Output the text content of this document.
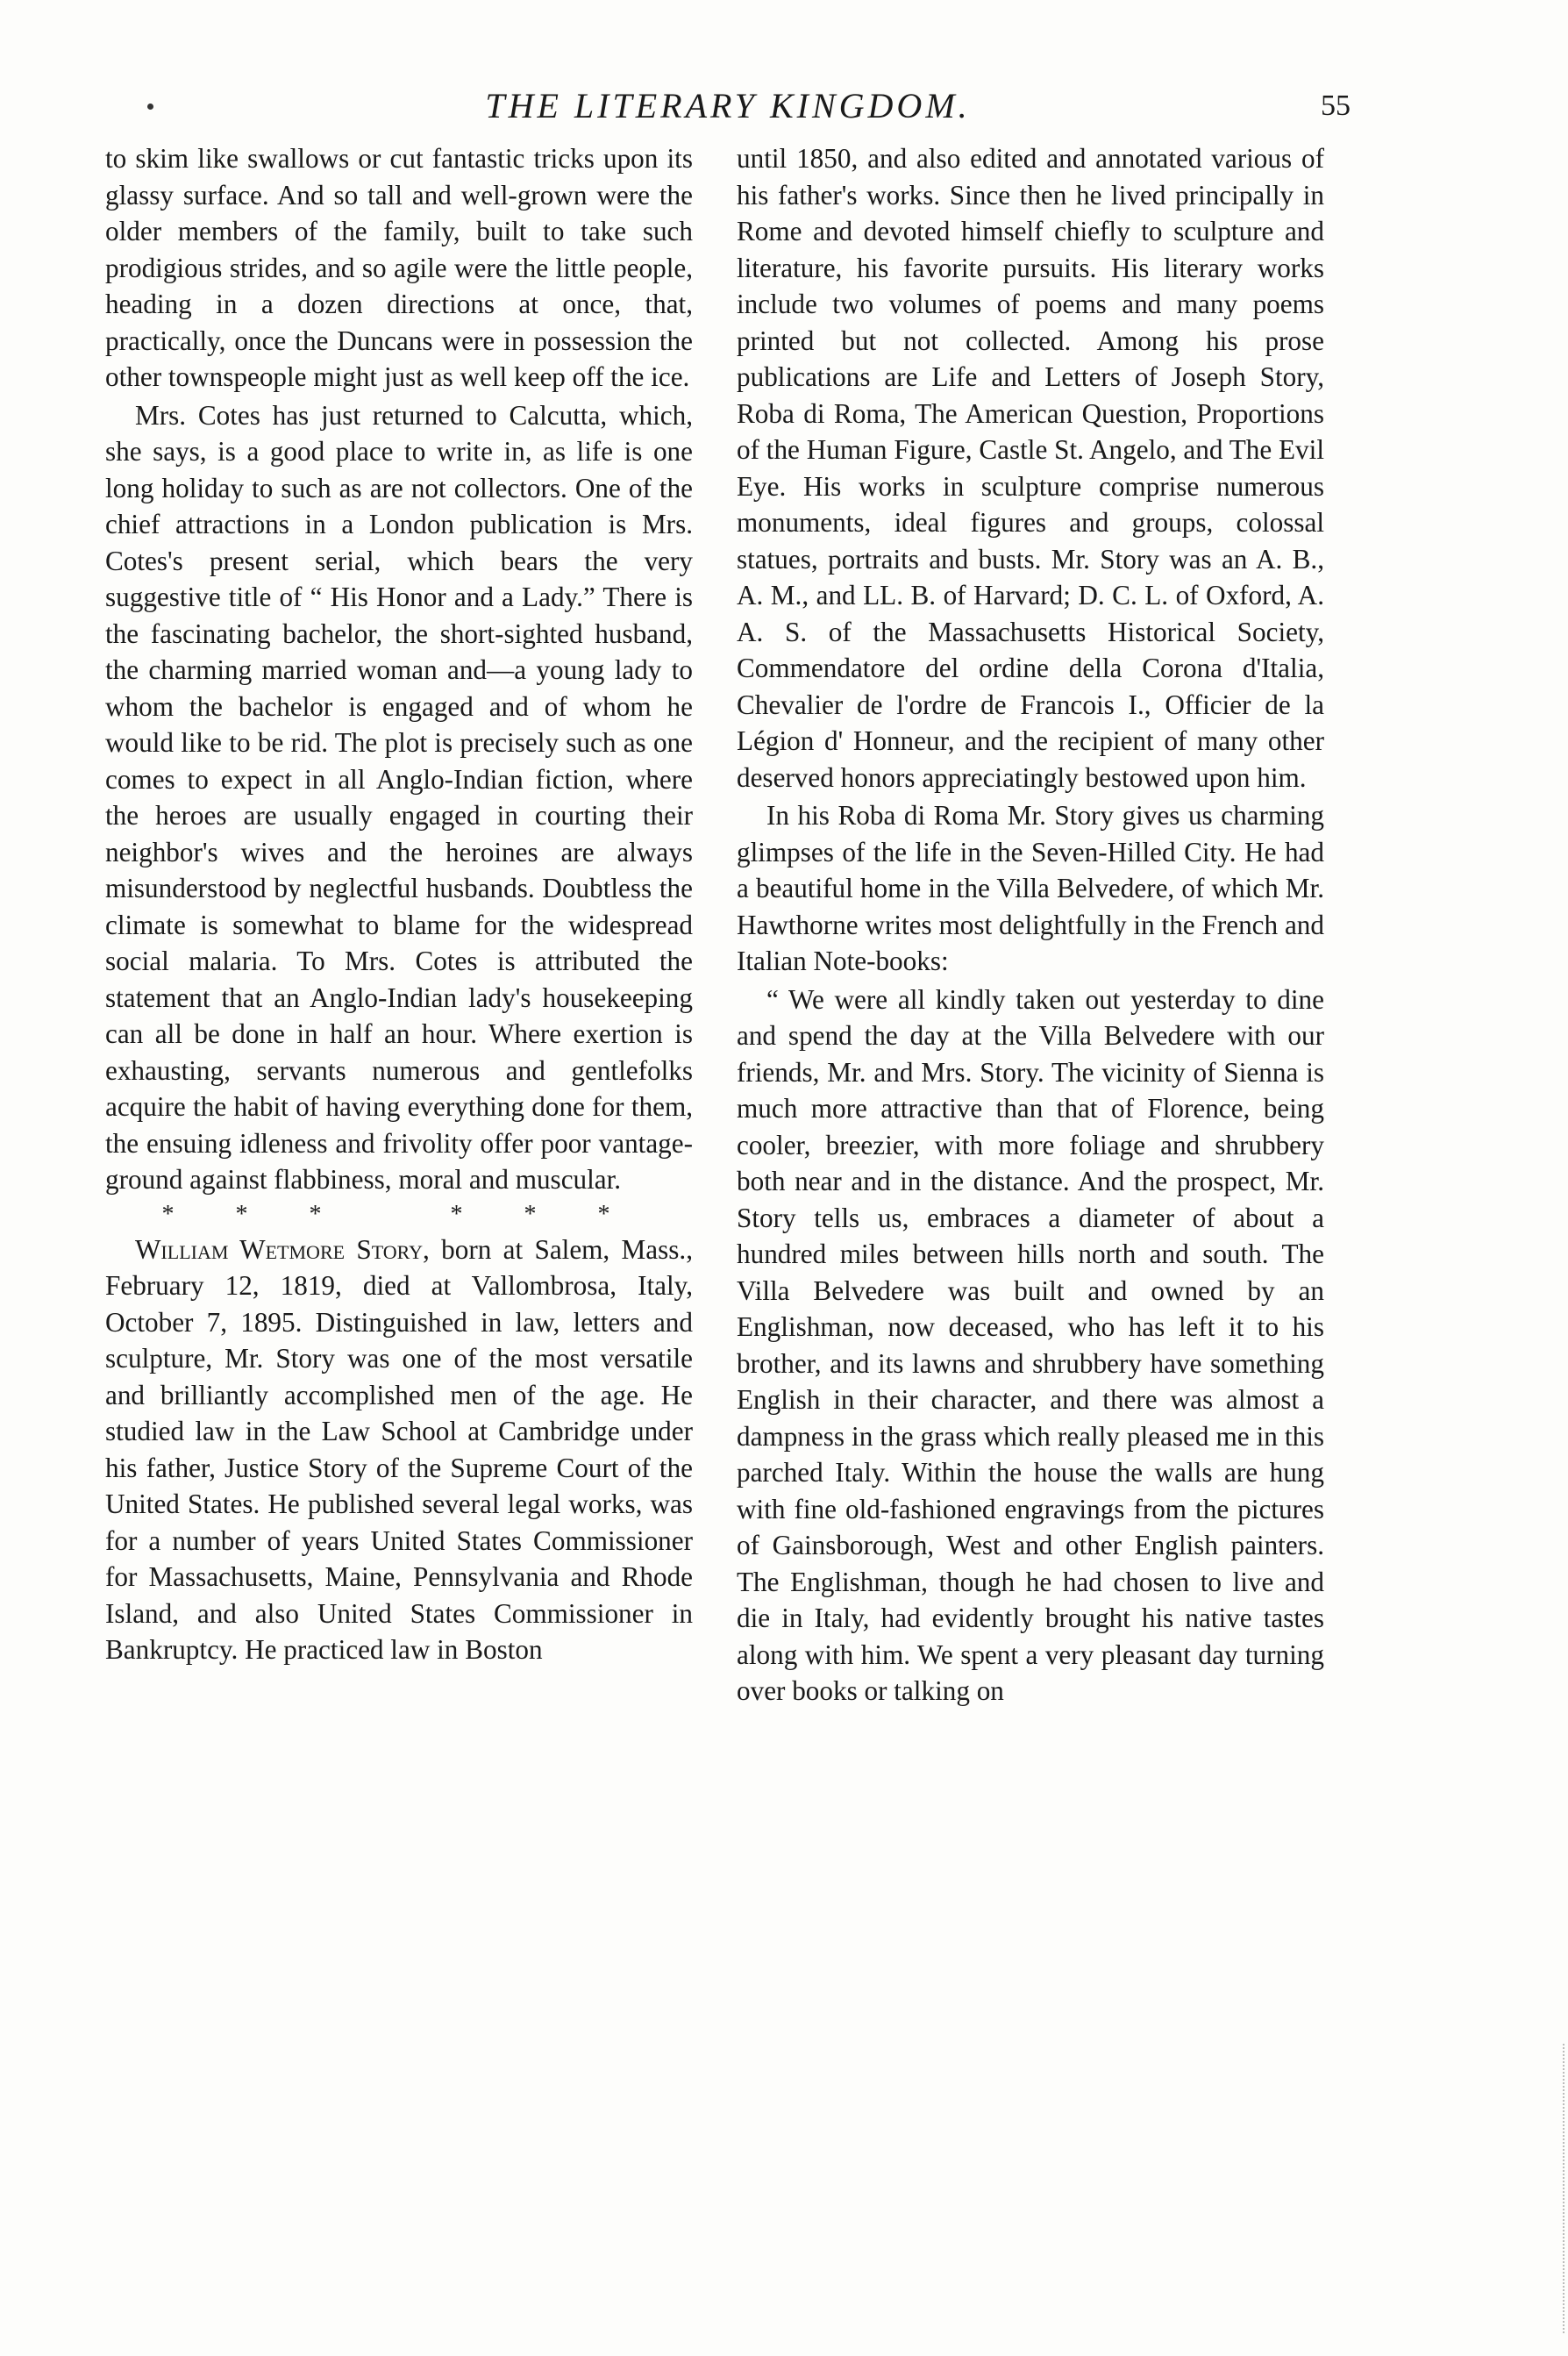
THE LITERARY KINGDOM.	55

to skim like swallows or cut fantastic tricks upon its glassy surface. And so tall and well-grown were the older members of the family, built to take such prodigious strides, and so agile were the little people, heading in a dozen directions at once, that, practically, once the Duncans were in possession the other townspeople might just as well keep off the ice.

Mrs. Cotes has just returned to Calcutta, which, she says, is a good place to write in, as life is one long holiday to such as are not collectors. One of the chief attractions in a London publication is Mrs. Cotes's present serial, which bears the very suggestive title of “ His Honor and a Lady.” There is the fascinating bachelor, the short-sighted husband, the charming married woman and—a young lady to whom the bachelor is engaged and of whom he would like to be rid. The plot is precisely such as one comes to expect in all Anglo-Indian fiction, where the heroes are usually engaged in courting their neighbor's wives and the heroines are always misunderstood by neglectful husbands. Doubtless the climate is somewhat to blame for the widespread social malaria. To Mrs. Cotes is attributed the statement that an Anglo-Indian lady's housekeeping can all be done in half an hour. Where exertion is exhausting, servants numerous and gentlefolks acquire the habit of having everything done for them, the ensuing idleness and frivolity offer poor vantage-ground against flabbiness, moral and muscular.

*** ***

William Wetmore Story, born at Salem, Mass., February 12, 1819, died at Vallombrosa, Italy, October 7, 1895. Distinguished in law, letters and sculpture, Mr. Story was one of the most versatile and brilliantly accomplished men of the age. He studied law in the Law School at Cambridge under his father, Justice Story of the Supreme Court of the United States. He published several legal works, was for a number of years United States Commissioner for Massachusetts, Maine, Pennsylvania and Rhode Island, and also United States Commissioner in Bankruptcy. He practiced law in Boston

until 1850, and also edited and annotated various of his father's works. Since then he lived principally in Rome and devoted himself chiefly to sculpture and literature, his favorite pursuits. His literary works include two volumes of poems and many poems printed but not collected. Among his prose publications are Life and Letters of Joseph Story, Roba di Roma, The American Question, Proportions of the Human Figure, Castle St. Angelo, and The Evil Eye. His works in sculpture comprise numerous monuments, ideal figures and groups, colossal statues, portraits and busts. Mr. Story was an A. B., A. M., and LL. B. of Harvard; D. C. L. of Oxford, A. A. S. of the Massachusetts Historical Society, Commendatore del ordine della Corona d'Italia, Chevalier de l'ordre de Francois I., Officier de la Légion d' Honneur, and the recipient of many other deserved honors appreciatingly bestowed upon him.

In his Roba di Roma Mr. Story gives us charming glimpses of the life in the Seven-Hilled City. He had a beautiful home in the Villa Belvedere, of which Mr. Hawthorne writes most delightfully in the French and Italian Note-books:

“ We were all kindly taken out yesterday to dine and spend the day at the Villa Belvedere with our friends, Mr. and Mrs. Story. The vicinity of Sienna is much more attractive than that of Florence, being cooler, breezier, with more foliage and shrubbery both near and in the distance. And the prospect, Mr. Story tells us, embraces a diameter of about a hundred miles between hills north and south. The Villa Belvedere was built and owned by an Englishman, now deceased, who has left it to his brother, and its lawns and shrubbery have something English in their character, and there was almost a dampness in the grass which really pleased me in this parched Italy. Within the house the walls are hung with fine old-fashioned engravings from the pictures of Gainsborough, West and other English painters. The Englishman, though he had chosen to live and die in Italy, had evidently brought his native tastes along with him. We spent a very pleasant day turning over books or talking on
